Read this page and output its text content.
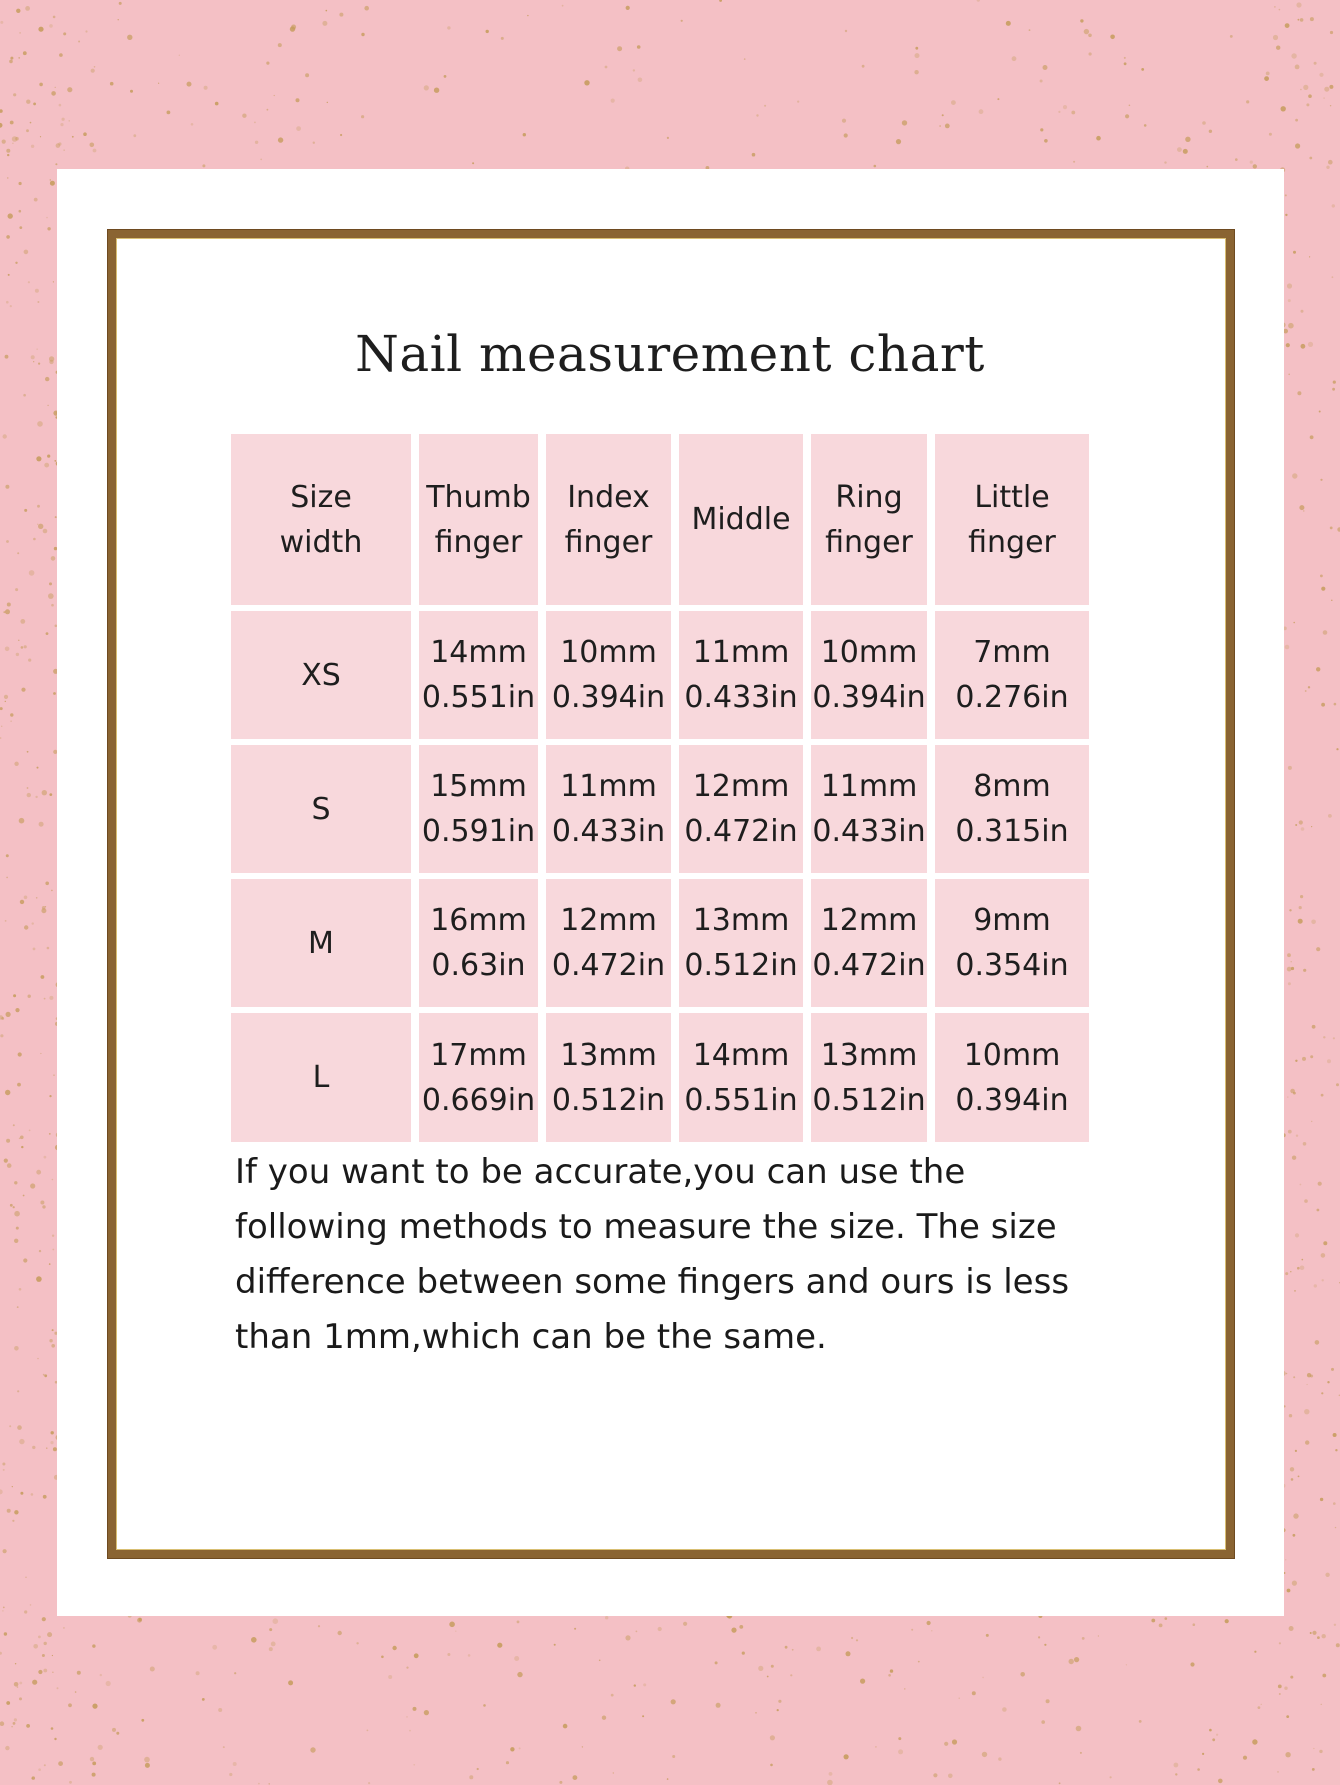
Nail measurement chart
Size
width
Thumb
finger
Index
finger
Middle
Ring
finger
Little
finger
XS
14mm
0.551in
10mm
0.394in
11mm
0.433in
10mm
0.394in
7mm
0.276in
S
15mm
0.591in
11mm
0.433in
12mm
0.472in
11mm
0.433in
8mm
0.315in
M
16mm
0.63in
12mm
0.472in
13mm
0.512in
12mm
0.472in
9mm
0.354in
L
17mm
0.669in
13mm
0.512in
14mm
0.551in
13mm
0.512in
10mm
0.394in
If you want to be accurate,you can use the following methods to measure the size. The size difference between some fingers and ours is less than 1mm,which can be the same.
